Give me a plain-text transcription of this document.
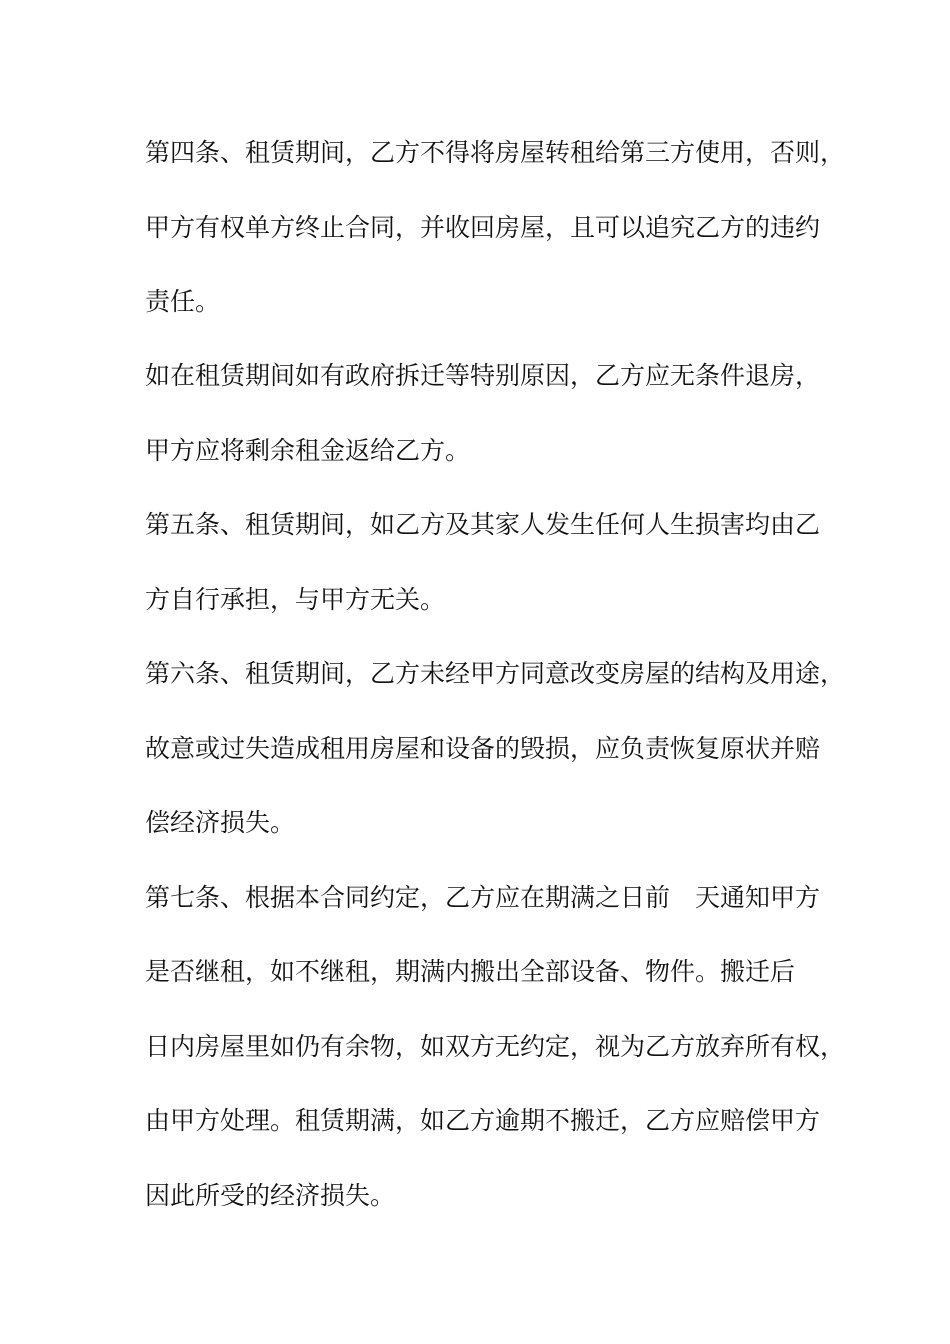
第四条、租赁期间，乙方不得将房屋转租给第三方使用，否则，
甲方有权单方终止合同，并收回房屋，且可以追究乙方的违约
责任。
如在租赁期间如有政府拆迁等特别原因，乙方应无条件退房，
甲方应将剩余租金返给乙方。
第五条、租赁期间，如乙方及其家人发生任何人生损害均由乙
方自行承担，与甲方无关。
第六条、租赁期间，乙方未经甲方同意改变房屋的结构及用途，
故意或过失造成租用房屋和设备的毁损，应负责恢复原状并赔
偿经济损失。
第七条、根据本合同约定，乙方应在期满之日前　天通知甲方
是否继租，如不继租，期满内搬出全部设备、物件。搬迁后
日内房屋里如仍有余物，如双方无约定，视为乙方放弃所有权，
由甲方处理。租赁期满，如乙方逾期不搬迁，乙方应赔偿甲方
因此所受的经济损失。
